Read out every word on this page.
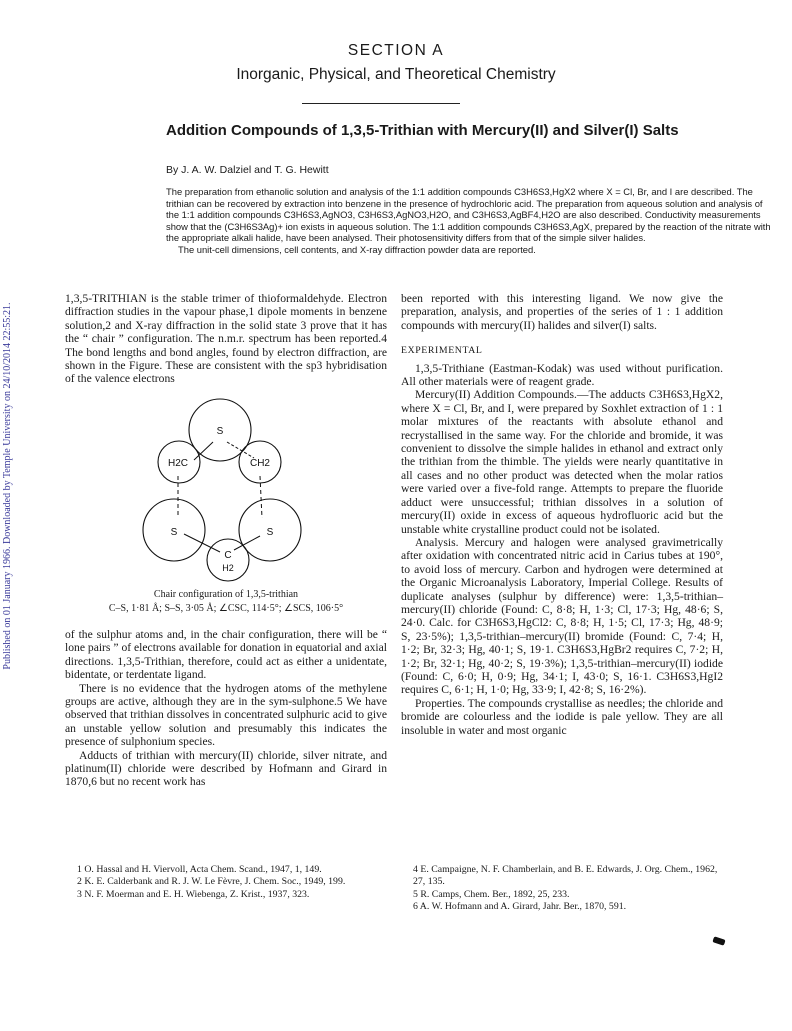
Published on 01 January 1966. Downloaded by Temple University on 24/10/2014 22:55:21.
SECTION A
Inorganic, Physical, and Theoretical Chemistry
Addition Compounds of 1,3,5-Trithian with Mercury(II) and Silver(I) Salts
By J. A. W. Dalziel and T. G. Hewitt

The preparation from ethanolic solution and analysis of the 1:1 addition compounds C3H6S3,HgX2 where X = Cl, Br, and I are described. The trithian can be recovered by extraction into benzene in the presence of hydrochloric acid. The preparation from aqueous solution and analysis of the 1:1 addition compounds C3H6S3,AgNO3, C3H6S3,AgNO3,H2O, and C3H6S3,AgBF4,H2O are also described. Conductivity measurements show that the (C3H6S3Ag)+ ion exists in aqueous solution. The 1:1 addition compounds C3H6S3,AgX, prepared by the reaction of the nitrate with the appropriate alkali halide, have been analysed. Their photosensitivity differs from that of the simple silver halides.

The unit-cell dimensions, cell contents, and X-ray diffraction powder data are reported.

1,3,5-TRITHIAN is the stable trimer of thioformaldehyde. Electron diffraction studies in the vapour phase,1 dipole moments in benzene solution,2 and X-ray diffraction in the solid state 3 prove that it has the “ chair ” configuration. The n.m.r. spectrum has been reported.4 The bond lengths and bond angles, found by electron diffraction, are shown in the Figure. These are consistent with the sp3 hybridisation of the valence electrons

S
H2C	CH2
S	S
C
H2
Chair configuration of 1,3,5-trithian
C–S, 1·81 Å; S–S, 3·05 Å; ∠CSC, 114·5°; ∠SCS, 106·5°

of the sulphur atoms and, in the chair configuration, there will be “ lone pairs ” of electrons available for donation in equatorial and axial directions. 1,3,5-Trithian, therefore, could act as either a unidentate, bidentate, or terdentate ligand.

There is no evidence that the hydrogen atoms of the methylene groups are active, although they are in the sym-sulphone.5 We have observed that trithian dissolves in concentrated sulphuric acid to give an unstable yellow solution and presumably this indicates the presence of sulphonium species.

Adducts of trithian with mercury(II) chloride, silver nitrate, and platinum(II) chloride were described by Hofmann and Girard in 1870,6 but no recent work has

been reported with this interesting ligand. We now give the preparation, analysis, and properties of the series of 1 : 1 addition compounds with mercury(II) halides and silver(I) salts.

EXPERIMENTAL

1,3,5-Trithiane (Eastman-Kodak) was used without purification. All other materials were of reagent grade.

Mercury(II) Addition Compounds.—The adducts C3H6S3,HgX2, where X = Cl, Br, and I, were prepared by Soxhlet extraction of 1 : 1 molar mixtures of the reactants with absolute ethanol and recrystallised in the same way. For the chloride and bromide, it was convenient to dissolve the simple halides in ethanol and extract only the trithian from the thimble. The yields were nearly quantitative in all cases and no other product was detected when the molar ratios were varied over a five-fold range. Attempts to prepare the fluoride adduct were unsuccessful; trithian dissolves in a solution of mercury(II) oxide in excess of aqueous hydrofluoric acid but the unstable white crystalline product could not be isolated.

Analysis. Mercury and halogen were analysed gravimetrically after oxidation with concentrated nitric acid in Carius tubes at 190°, to avoid loss of mercury. Carbon and hydrogen were determined at the Organic Microanalysis Laboratory, Imperial College. Results of duplicate analyses (sulphur by difference) were: 1,3,5-trithian–mercury(II) chloride (Found: C, 8·8; H, 1·3; Cl, 17·3; Hg, 48·6; S, 24·0. Calc. for C3H6S3,HgCl2: C, 8·8; H, 1·5; Cl, 17·3; Hg, 48·9; S, 23·5%); 1,3,5-trithian–mercury(II) bromide (Found: C, 7·4; H, 1·2; Br, 32·3; Hg, 40·1; S, 19·1. C3H6S3,HgBr2 requires C, 7·2; H, 1·2; Br, 32·1; Hg, 40·2; S, 19·3%); 1,3,5-trithian–mercury(II) iodide (Found: C, 6·0; H, 0·9; Hg, 34·1; I, 43·0; S, 16·1. C3H6S3,HgI2 requires C, 6·1; H, 1·0; Hg, 33·9; I, 42·8; S, 16·2%).

Properties. The compounds crystallise as needles; the chloride and bromide are colourless and the iodide is pale yellow. They are all insoluble in water and most organic

1 O. Hassal and H. Viervoll, Acta Chem. Scand., 1947, 1, 149.

2 K. E. Calderbank and R. J. W. Le Fèvre, J. Chem. Soc., 1949, 199.

3 N. F. Moerman and E. H. Wiebenga, Z. Krist., 1937, 323.

4 E. Campaigne, N. F. Chamberlain, and B. E. Edwards, J. Org. Chem., 1962, 27, 135.

5 R. Camps, Chem. Ber., 1892, 25, 233.

6 A. W. Hofmann and A. Girard, Jahr. Ber., 1870, 591.
